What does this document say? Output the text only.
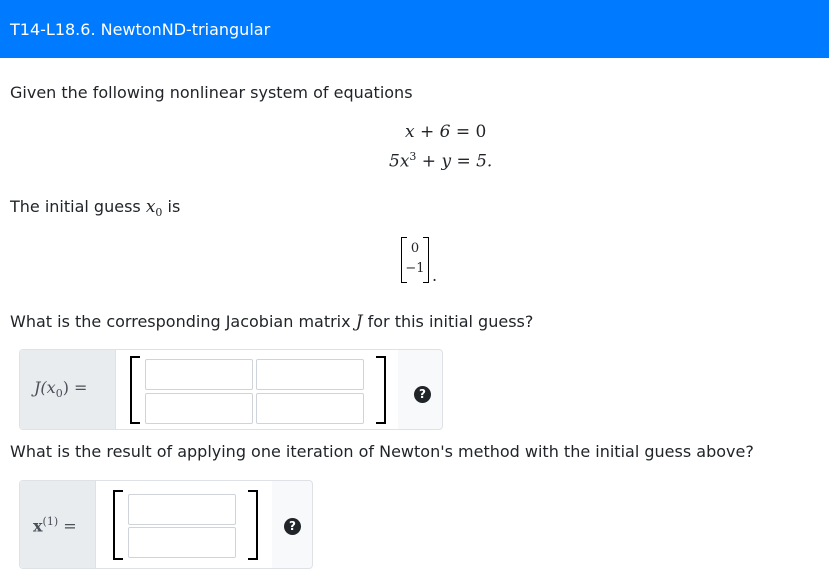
T14-L18.6. NewtonND-triangular
Given the following nonlinear system of equations
x + 6 = 0
$5x^3 + y = 5$.
The initial guess $x_0$ is
0
−1 .
What is the corresponding Jacobian matrix J for this initial guess?
$J(x_0)$ =	?
What is the result of applying one iteration of Newton's method with the initial guess above?
$x^{(1)}$ =	?
